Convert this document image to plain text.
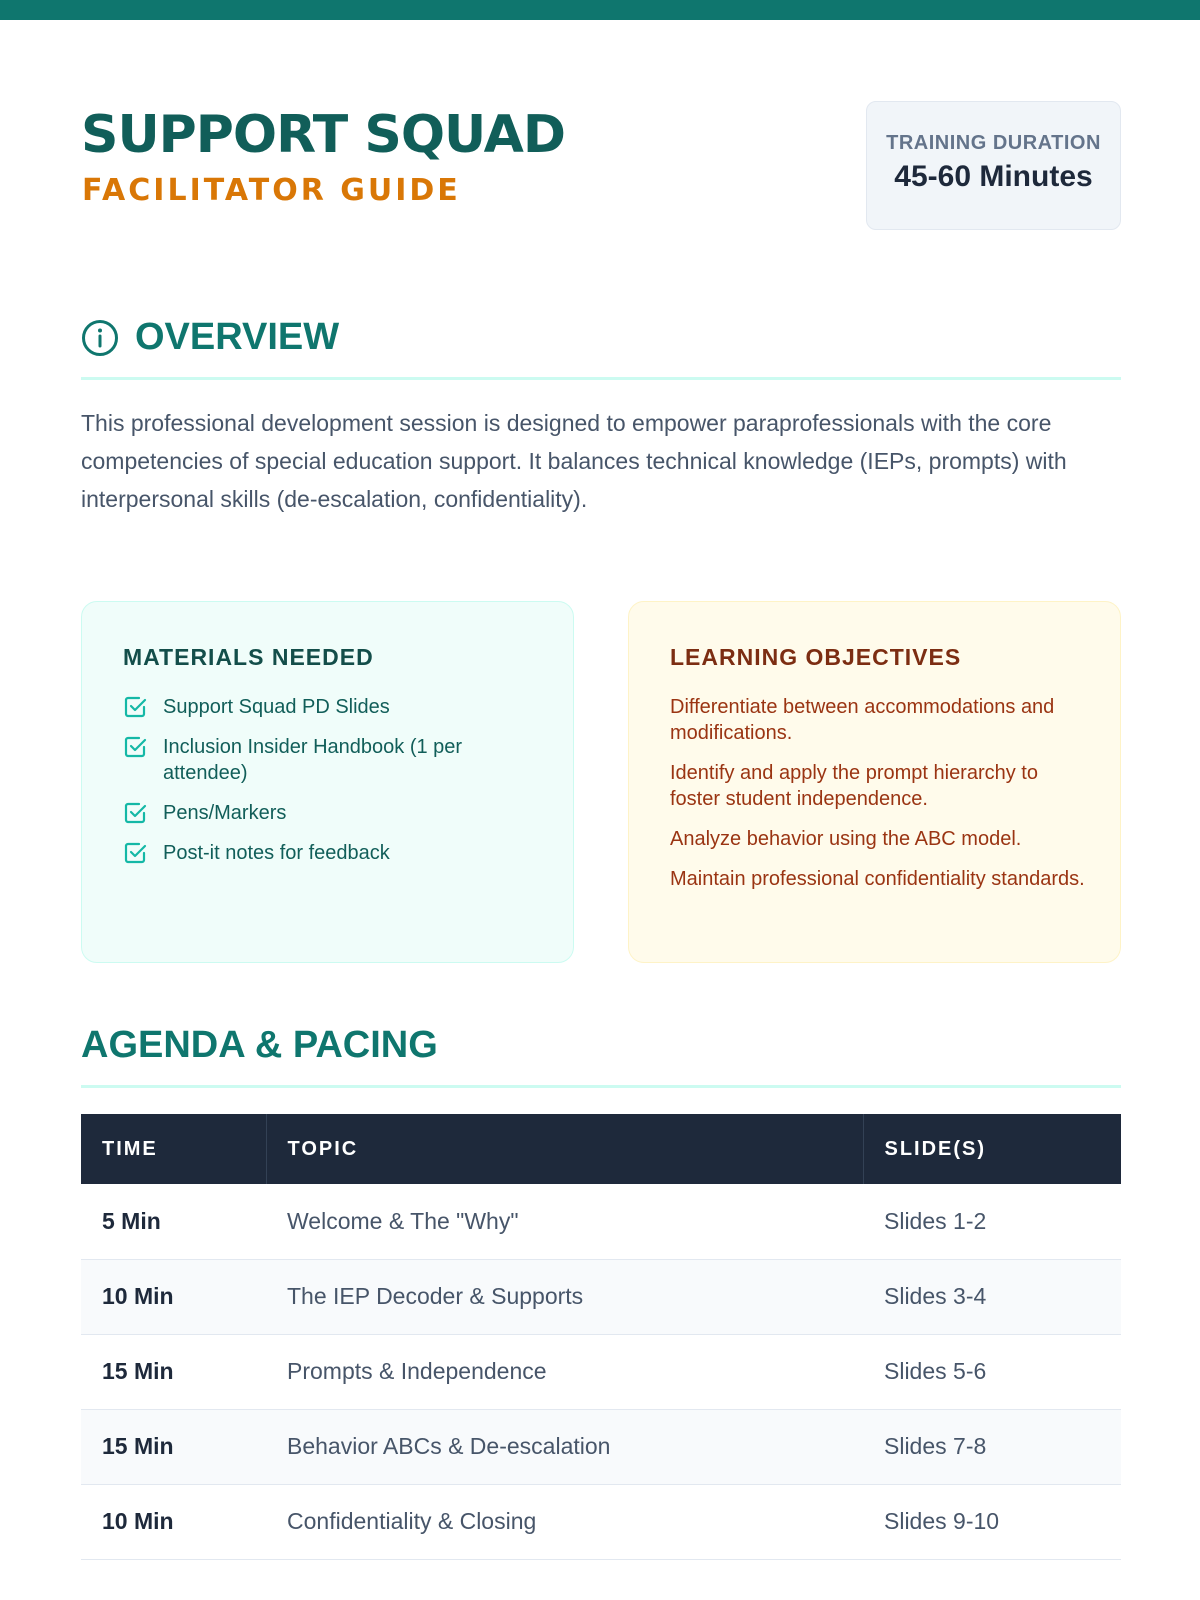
SUPPORT SQUAD
FACILITATOR GUIDE
TRAINING DURATION
45-60 Minutes
OVERVIEW

This professional development session is designed to empower paraprofessionals with the core competencies of special education support. It balances technical knowledge (IEPs, prompts) with interpersonal skills (de-escalation, confidentiality).

MATERIALS NEEDED
Support Squad PD Slides
Inclusion Insider Handbook (1 per attendee)
Pens/Markers
Post-it notes for feedback
LEARNING OBJECTIVES
Differentiate between accommodations and modifications.
Identify and apply the prompt hierarchy to foster student independence.
Analyze behavior using the ABC model.
Maintain professional confidentiality standards.
AGENDA & PACING
TIME	TOPIC	SLIDE(S)
5 Min	Welcome & The "Why"	Slides 1-2
10 Min	The IEP Decoder & Supports	Slides 3-4
15 Min	Prompts & Independence	Slides 5-6
15 Min	Behavior ABCs & De-escalation	Slides 7-8
10 Min	Confidentiality & Closing	Slides 9-10
